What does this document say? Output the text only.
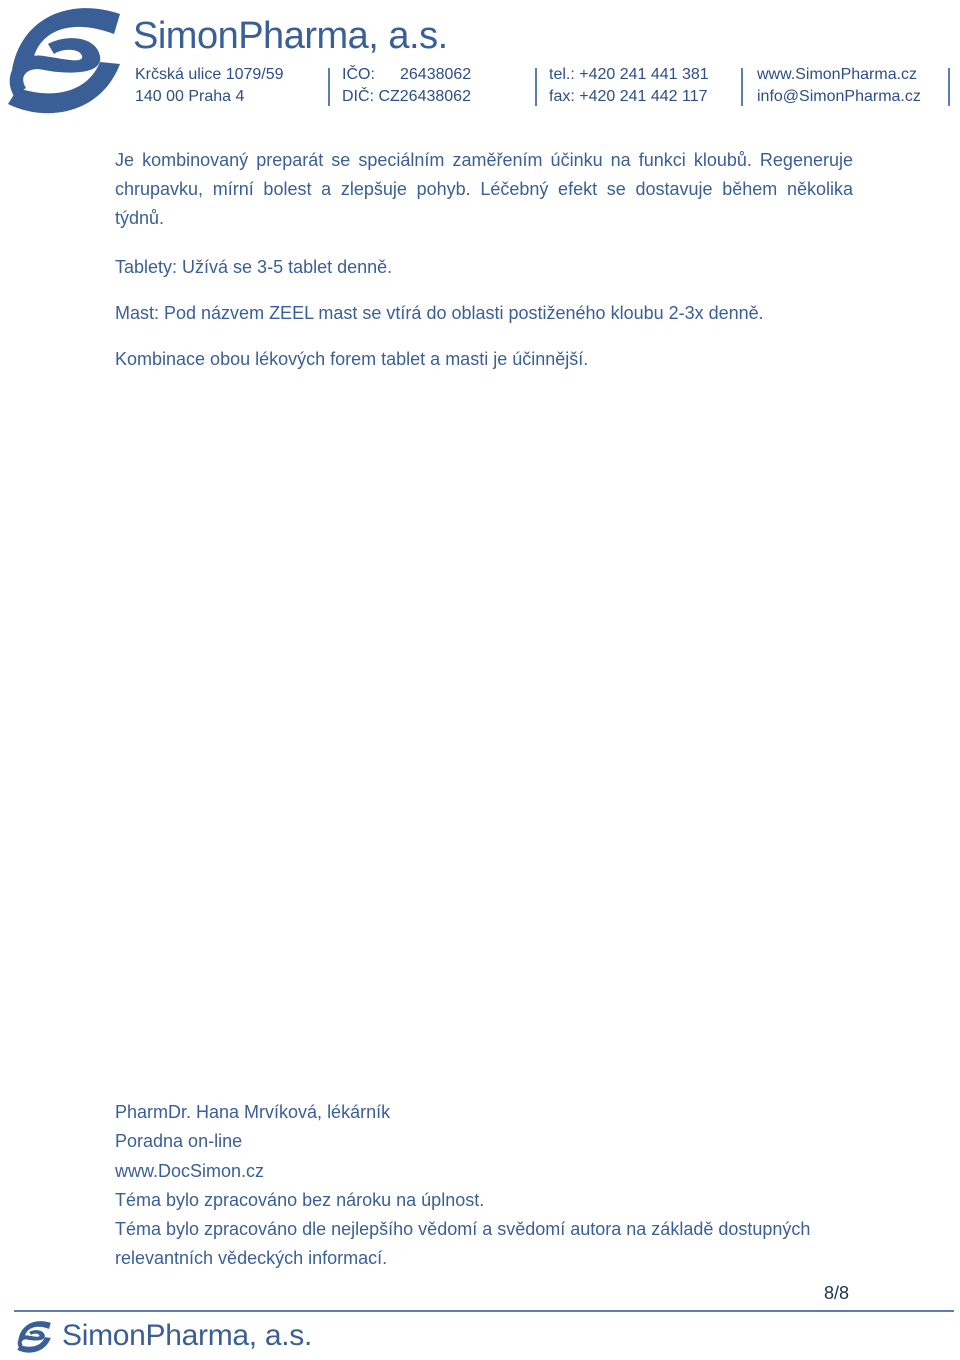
SimonPharma, a.s.
Krčská ulice 1079/59
140 00 Praha 4
IČO: 26438062
DIČ: CZ26438062
tel.: +420 241 441 381
fax: +420 241 442 117
www.SimonPharma.cz
info@SimonPharma.cz

Je kombinovaný preparát se speciálním zaměřením účinku na funkci kloubů. Regeneruje chrupavku, mírní bolest a zlepšuje pohyb. Léčebný efekt se dostavuje během několika týdnů.

Tablety: Užívá se 3-5 tablet denně.

Mast: Pod názvem ZEEL mast se vtírá do oblasti postiženého kloubu 2-3x denně.

Kombinace obou lékových forem tablet a masti je účinnější.

PharmDr. Hana Mrvíková, lékárník
Poradna on-line
www.DocSimon.cz
Téma bylo zpracováno bez nároku na úplnost.
Téma bylo zpracováno dle nejlepšího vědomí a svědomí autora na základě dostupných
relevantních vědeckých informací.
8/8
SimonPharma, a.s.
